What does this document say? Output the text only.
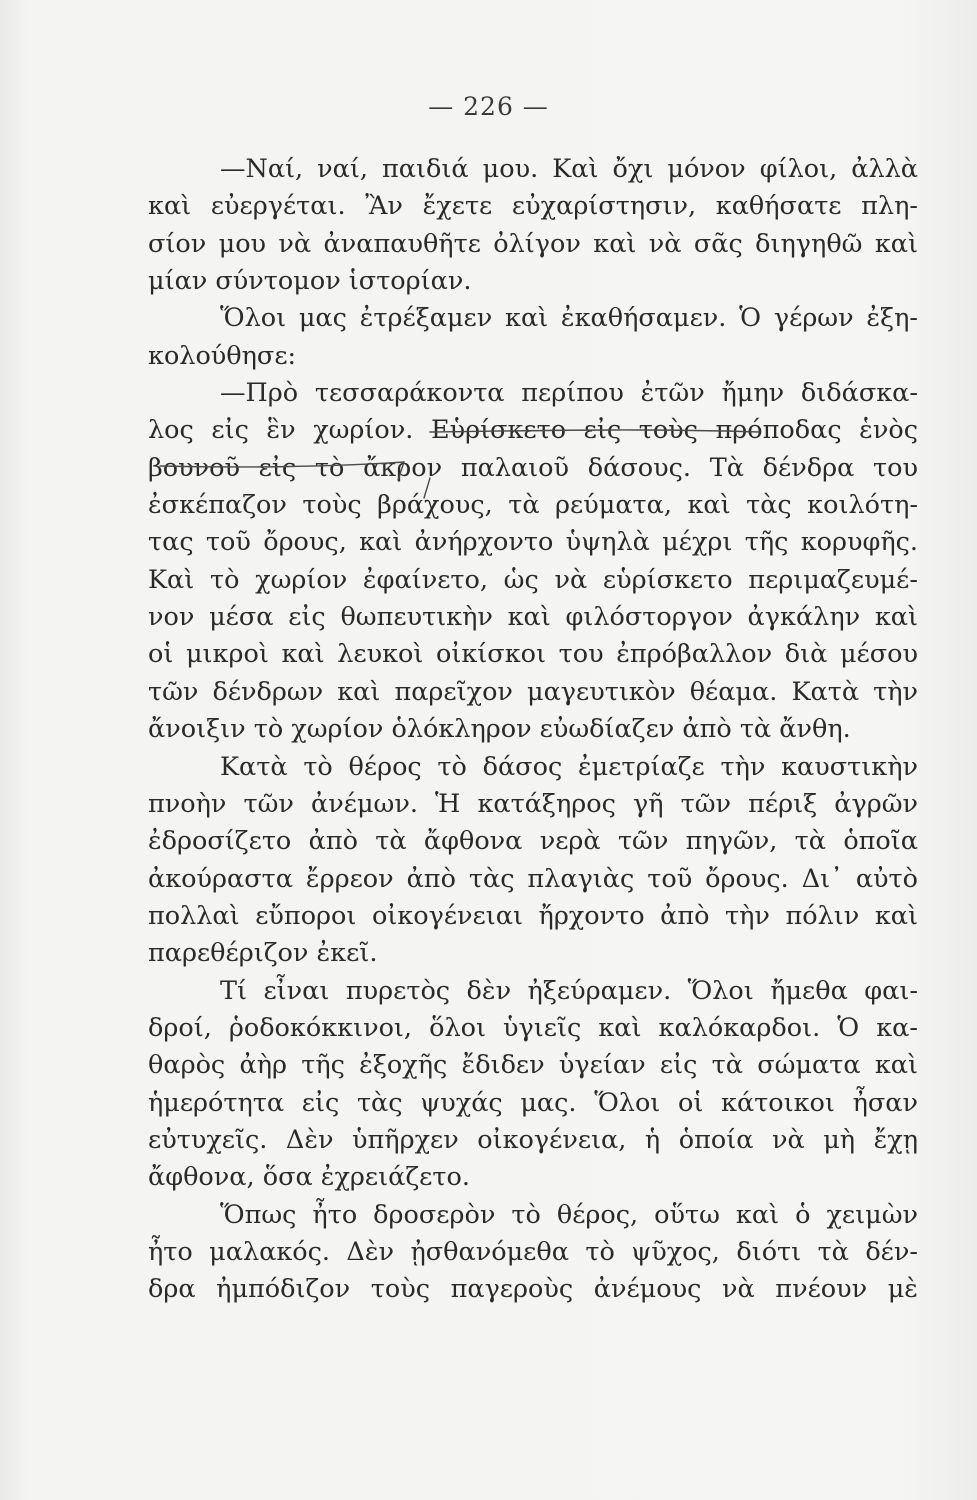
— 226 —
—Ναί, ναί, παιδιά μου. Καὶ ὄχι μόνον φίλοι, ἀλλὰ
καὶ εὐεργέται. Ἂν ἔχετε εὐχαρίστησιν, καθήσατε πλη-
σίον μου νὰ ἀναπαυθῆτε ὀλίγον καὶ νὰ σᾶς διηγηθῶ καὶ
μίαν σύντομον ἱστορίαν.
Ὅλοι μας ἐτρέξαμεν καὶ ἐκαθήσαμεν. Ὁ γέρων ἐξη-
κολούθησε:
—Πρὸ τεσσαράκοντα περίπου ἐτῶν ἤμην διδάσκα-
λος εἰς ἓν χωρίον. Εὑρίσκετο εἰς τοὺς πρόποδας ἑνὸς
βουνοῦ εἰς τὸ ἄκρον παλαιοῦ δάσους. Τὰ δένδρα του
ἐσκέπαζον τοὺς βράχους, τὰ ρεύματα, καὶ τὰς κοιλότη-
τας τοῦ ὄρους, καὶ ἀνήρχοντο ὑψηλὰ μέχρι τῆς κορυφῆς.
Καὶ τὸ χωρίον ἐφαίνετο, ὡς νὰ εὑρίσκετο περιμαζευμέ-
νον μέσα εἰς θωπευτικὴν καὶ φιλόστοργον ἀγκάλην καὶ
οἱ μικροὶ καὶ λευκοὶ οἰκίσκοι του ἐπρόβαλλον διὰ μέσου
τῶν δένδρων καὶ παρεῖχον μαγευτικὸν θέαμα. Κατὰ τὴν
ἄνοιξιν τὸ χωρίον ὁλόκληρον εὐωδίαζεν ἀπὸ τὰ ἄνθη.
Κατὰ τὸ θέρος τὸ δάσος ἐμετρίαζε τὴν καυστικὴν
πνοὴν τῶν ἀνέμων. Ἡ κατάξηρος γῆ τῶν πέριξ ἀγρῶν
ἐδροσίζετο ἀπὸ τὰ ἄφθονα νερὰ τῶν πηγῶν, τὰ ὁποῖα
ἀκούραστα ἔρρεον ἀπὸ τὰς πλαγιὰς τοῦ ὄρους. Δι᾿ αὐτὸ
πολλαὶ εὔποροι οἰκογένειαι ἤρχοντο ἀπὸ τὴν πόλιν καὶ
παρεθέριζον ἐκεῖ.
Τί εἶναι πυρετὸς δὲν ἠξεύραμεν. Ὅλοι ἤμεθα φαι-
δροί, ῥοδοκόκκινοι, ὅλοι ὑγιεῖς καὶ καλόκαρδοι. Ὁ κα-
θαρὸς ἀὴρ τῆς ἐξοχῆς ἔδιδεν ὑγείαν εἰς τὰ σώματα καὶ
ἡμερότητα εἰς τὰς ψυχάς μας. Ὅλοι οἱ κάτοικοι ἦσαν
εὐτυχεῖς. Δὲν ὑπῆρχεν οἰκογένεια, ἡ ὁποία νὰ μὴ ἔχῃ
ἄφθονα, ὅσα ἐχρειάζετο.
Ὅπως ἦτο δροσερὸν τὸ θέρος, οὕτω καὶ ὁ χειμὼν
ἦτο μαλακός. Δὲν ᾐσθανόμεθα τὸ ψῦχος, διότι τὰ δέν-
δρα ἠμπόδιζον τοὺς παγεροὺς ἀνέμους νὰ πνέουν μὲ
